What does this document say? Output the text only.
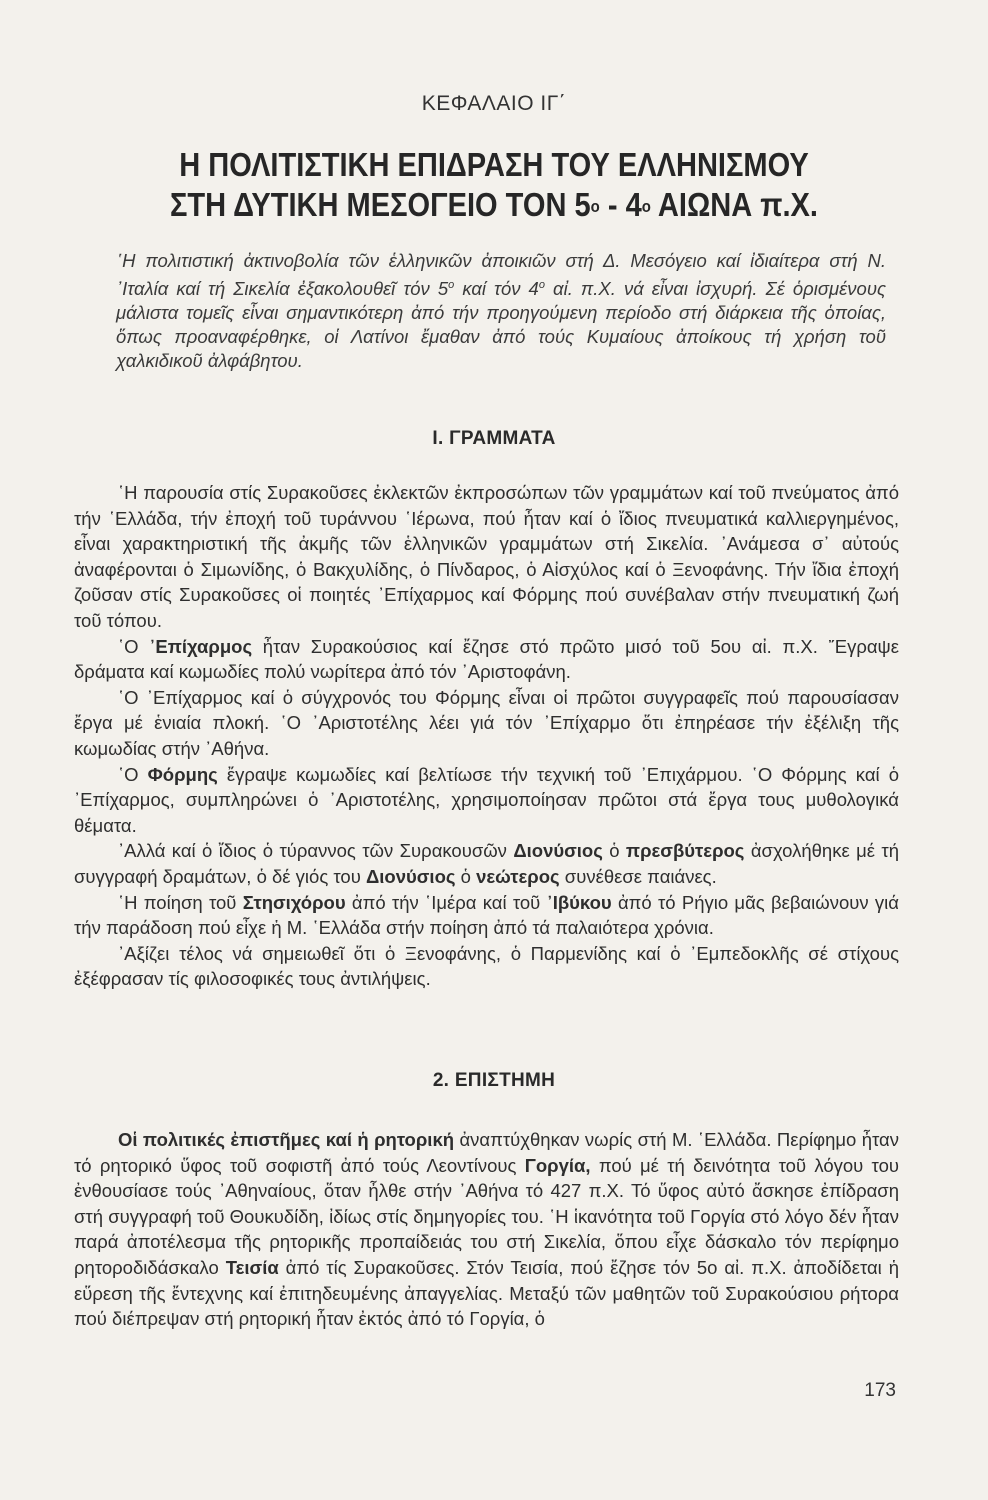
ΚΕΦΑΛΑΙΟ ΙΓ΄
Η ΠΟΛΙΤΙΣΤΙΚΗ ΕΠΙΔΡΑΣΗ ΤΟΥ ΕΛΛΗΝΙΣΜΟΥ
ΣΤΗ ΔΥΤΙΚΗ ΜΕΣΟΓΕΙΟ ΤΟΝ $5^o - 4^o$ ΑΙΩΝΑ π.Χ.
῾Η πολιτιστική ἀκτινοβολία τῶν ἑλληνικῶν ἀποικιῶν στή Δ. Μεσόγειο καί ἰδιαίτερα στή Ν. ᾿Ιταλία καί τή Σικελία ἐξακολουθεῖ τόν $5^o$ καί τόν $4^o$ αἰ. π.Χ. νά εἶναι ἰσχυρή. Σέ ὁρισμένους μάλιστα τομεῖς εἶναι σημαντικότερη ἀπό τήν προηγούμενη περίοδο στή διάρκεια τῆς ὁποίας, ὅπως προαναφέρθηκε, οἱ Λατίνοι ἔμαθαν ἀπό τούς Κυμαίους ἀποίκους τή χρήση τοῦ χαλκιδικοῦ ἀλφάβητου.
Ι. ΓΡΑΜΜΑΤΑ

῾Η παρουσία στίς Συρακοῦσες ἐκλεκτῶν ἐκπροσώπων τῶν γραμμάτων καί τοῦ πνεύματος ἀπό τήν ῾Ελλάδα, τήν ἐποχή τοῦ τυράννου ῾Ιέρωνα, πού ἦταν καί ὁ ἴδιος πνευματικά καλλιεργημένος, εἶναι χαρακτηριστική τῆς ἀκμῆς τῶν ἑλληνικῶν γραμμάτων στή Σικελία. ᾿Ανάμεσα σ᾿ αὐτούς ἀναφέρονται ὁ Σιμωνίδης, ὁ Βακχυλίδης, ὁ Πίνδαρος, ὁ Αἰσχύλος καί ὁ Ξενοφάνης. Τήν ἴδια ἐποχή ζοῦσαν στίς Συρακοῦσες οἱ ποιητές ᾿Επίχαρμος καί Φόρμης πού συνέβαλαν στήν πνευματική ζωή τοῦ τόπου.

῾Ο ᾿Επίχαρμος ἦταν Συρακούσιος καί ἔζησε στό πρῶτο μισό τοῦ 5ου αἰ. π.Χ. ῎Εγραψε δράματα καί κωμωδίες πολύ νωρίτερα ἀπό τόν ᾿Αριστοφάνη.

῾Ο ᾿Επίχαρμος καί ὁ σύγχρονός του Φόρμης εἶναι οἱ πρῶτοι συγγραφεῖς πού παρουσίασαν ἔργα μέ ἑνιαία πλοκή. ῾Ο ᾿Αριστοτέλης λέει γιά τόν ᾿Επίχαρμο ὅτι ἐπηρέασε τήν ἐξέλιξη τῆς κωμωδίας στήν ᾿Αθήνα.

῾Ο Φόρμης ἔγραψε κωμωδίες καί βελτίωσε τήν τεχνική τοῦ ᾿Επιχάρμου. ῾Ο Φόρμης καί ὁ ᾿Επίχαρμος, συμπληρώνει ὁ ᾿Αριστοτέλης, χρησιμοποίησαν πρῶτοι στά ἔργα τους μυθολογικά θέματα.

᾿Αλλά καί ὁ ἴδιος ὁ τύραννος τῶν Συρακουσῶν Διονύσιος ὁ πρεσβύτερος ἀσχολήθηκε μέ τή συγγραφή δραμάτων, ὁ δέ γιός του Διονύσιος ὁ νεώτερος συνέθεσε παιάνες.

῾Η ποίηση τοῦ Στησιχόρου ἀπό τήν ῾Ιμέρα καί τοῦ ᾿Ιβύκου ἀπό τό Ρήγιο μᾶς βεβαιώνουν γιά τήν παράδοση πού εἶχε ἡ Μ. ῾Ελλάδα στήν ποίηση ἀπό τά παλαιότερα χρόνια.

᾿Αξίζει τέλος νά σημειωθεῖ ὅτι ὁ Ξενοφάνης, ὁ Παρμενίδης καί ὁ ᾿Εμπεδοκλῆς σέ στίχους ἐξέφρασαν τίς φιλοσοφικές τους ἀντιλήψεις.

2. ΕΠΙΣΤΗΜΗ

Οἱ πολιτικές ἐπιστῆμες καί ἡ ρητορική ἀναπτύχθηκαν νωρίς στή Μ. ῾Ελλάδα. Περίφημο ἦταν τό ρητορικό ὕφος τοῦ σοφιστῆ ἀπό τούς Λεοντίνους Γοργία, πού μέ τή δεινότητα τοῦ λόγου του ἐνθουσίασε τούς ᾿Αθηναίους, ὅταν ἦλθε στήν ᾿Αθήνα τό 427 π.Χ. Τό ὕφος αὐτό ἄσκησε ἐπίδραση στή συγγραφή τοῦ Θουκυδίδη, ἰδίως στίς δημηγορίες του. ῾Η ἱκανότητα τοῦ Γοργία στό λόγο δέν ἦταν παρά ἀποτέλεσμα τῆς ρητορικῆς προπαίδειάς του στή Σικελία, ὅπου εἶχε δάσκαλο τόν περίφημο ρητοροδιδάσκαλο Τεισία ἀπό τίς Συρακοῦσες. Στόν Τεισία, πού ἔζησε τόν 5ο αἰ. π.Χ. ἀποδίδεται ἡ εὕρεση τῆς ἔντεχνης καί ἐπιτηδευμένης ἀπαγγελίας. Μεταξύ τῶν μαθητῶν τοῦ Συρακούσιου ρήτορα πού διέπρεψαν στή ρητορική ἦταν ἐκτός ἀπό τό Γοργία, ὁ

173
